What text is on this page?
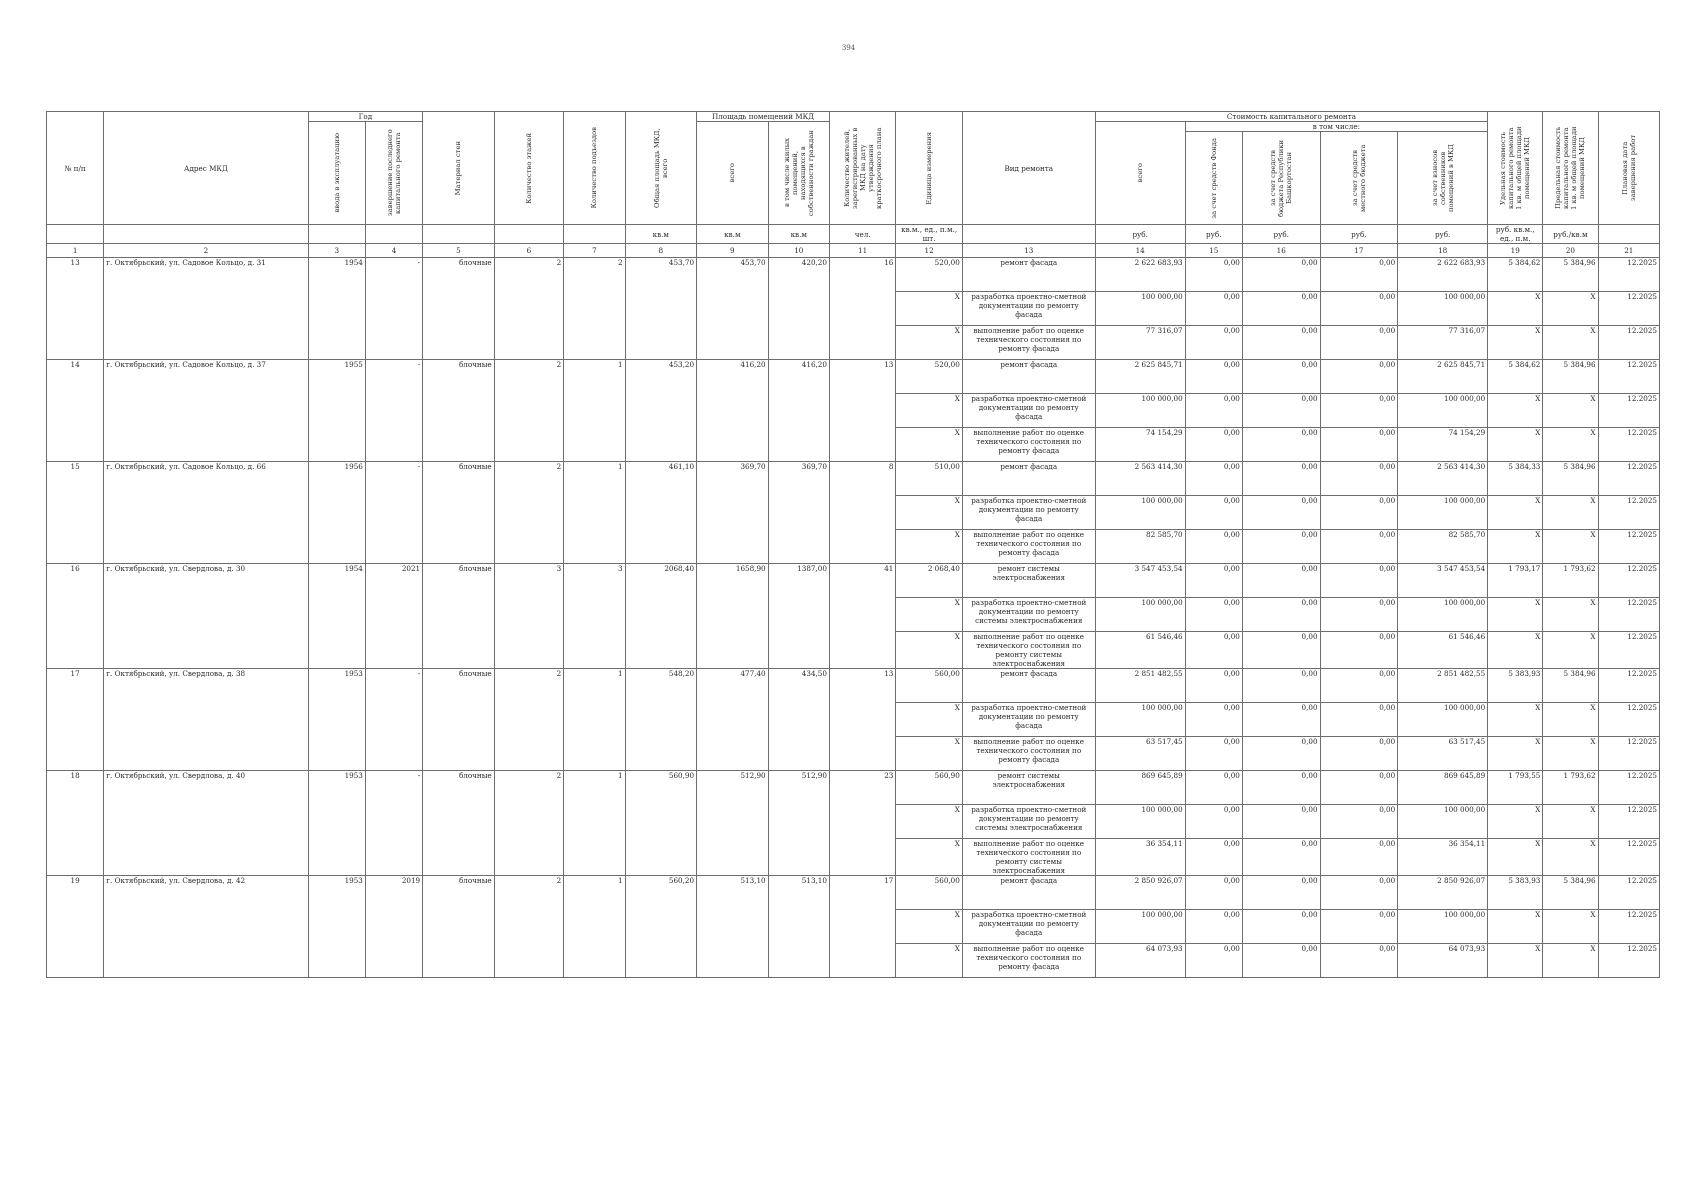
394
№ п/п	Адрес МКД	Год		Материал стен	Количество этажей	Количество подъездов	Общая площадь МКД, всего	Площадь помещений МКД		Количество жителей, зарегистрированных в МКД на дату утверждения краткосрочного плана	Единица измерения	Вид ремонта	Стоимость капитального ремонта					Удельная стоимость капитального ремонта 1 кв. м общей площади помещений МКД	Предельная стоимость капитального ремонта 1 кв. м общей площади помещений МКД	Плановая дата завершения работ

		ввода в эксплуатацию	завершение последнего капитального ремонта					всего	в том числе жилых помещений, находящихся в собственности граждан				всего	в том числе:						

														за счет средств Фонда	за счет средств бюджета Республики Башкортостан	за счет средств местного бюджета	за счет взносов собственников помещений в МКД			

							кв.м	кв.м	кв.м	чел.	кв.м., ед., п.м., шт.		руб.	руб.	руб.	руб.	руб.	руб. кв.м., ед., п.м.	руб./кв.м	
1	2	3	4	5	6	7	8	9	10	11	12	13	14	15	16	17	18	19	20	21
13	г. Октябрьский, ул. Садовое Кольцо, д. 31	1954	-	блочные	2	2	453,70	453,70	420,20	16	520,00	ремонт фасада	2 622 683,93	0,00	0,00	0,00	2 622 683,93	5 384,62	5 384,96	12.2025
											X	разработка проектно-сметной документации по ремонту фасада	100 000,00	0,00	0,00	0,00	100 000,00	X	X	12.2025
											X	выполнение работ по оценке технического состояния по ремонту фасада	77 316,07	0,00	0,00	0,00	77 316,07	X	X	12.2025
14	г. Октябрьский, ул. Садовое Кольцо, д. 37	1955	-	блочные	2	1	453,20	416,20	416,20	13	520,00	ремонт фасада	2 625 845,71	0,00	0,00	0,00	2 625 845,71	5 384,62	5 384,96	12.2025
											X	разработка проектно-сметной документации по ремонту фасада	100 000,00	0,00	0,00	0,00	100 000,00	X	X	12.2025
											X	выполнение работ по оценке технического состояния по ремонту фасада	74 154,29	0,00	0,00	0,00	74 154,29	X	X	12.2025
15	г. Октябрьский, ул. Садовое Кольцо, д. 66	1956	-	блочные	2	1	461,10	369,70	369,70	8	510,00	ремонт фасада	2 563 414,30	0,00	0,00	0,00	2 563 414,30	5 384,33	5 384,96	12.2025
											X	разработка проектно-сметной документации по ремонту фасада	100 000,00	0,00	0,00	0,00	100 000,00	X	X	12.2025
											X	выполнение работ по оценке технического состояния по ремонту фасада	82 585,70	0,00	0,00	0,00	82 585,70	X	X	12.2025
16	г. Октябрьский, ул. Свердлова, д. 30	1954	2021	блочные	3	3	2068,40	1658,90	1387,00	41	2 068,40	ремонт системы электроснабжения	3 547 453,54	0,00	0,00	0,00	3 547 453,54	1 793,17	1 793,62	12.2025
											X	разработка проектно-сметной документации по ремонту системы электроснабжения	100 000,00	0,00	0,00	0,00	100 000,00	X	X	12.2025
											X	выполнение работ по оценке технического состояния по ремонту системы электроснабжения	61 546,46	0,00	0,00	0,00	61 546,46	X	X	12.2025
17	г. Октябрьский, ул. Свердлова, д. 38	1953	-	блочные	2	1	548,20	477,40	434,50	13	560,00	ремонт фасада	2 851 482,55	0,00	0,00	0,00	2 851 482,55	5 383,93	5 384,96	12.2025
											X	разработка проектно-сметной документации по ремонту фасада	100 000,00	0,00	0,00	0,00	100 000,00	X	X	12.2025
											X	выполнение работ по оценке технического состояния по ремонту фасада	63 517,45	0,00	0,00	0,00	63 517,45	X	X	12.2025
18	г. Октябрьский, ул. Свердлова, д. 40	1953	-	блочные	2	1	560,90	512,90	512,90	23	560,90	ремонт системы электроснабжения	869 645,89	0,00	0,00	0,00	869 645,89	1 793,55	1 793,62	12.2025
											X	разработка проектно-сметной документации по ремонту системы электроснабжения	100 000,00	0,00	0,00	0,00	100 000,00	X	X	12.2025
											X	выполнение работ по оценке технического состояния по ремонту системы электроснабжения	36 354,11	0,00	0,00	0,00	36 354,11	X	X	12.2025
19	г. Октябрьский, ул. Свердлова, д. 42	1953	2019	блочные	2	1	560,20	513,10	513,10	17	560,00	ремонт фасада	2 850 926,07	0,00	0,00	0,00	2 850 926,07	5 383,93	5 384,96	12.2025
											X	разработка проектно-сметной документации по ремонту фасада	100 000,00	0,00	0,00	0,00	100 000,00	X	X	12.2025
											X	выполнение работ по оценке технического состояния по ремонту фасада	64 073,93	0,00	0,00	0,00	64 073,93	X	X	12.2025
